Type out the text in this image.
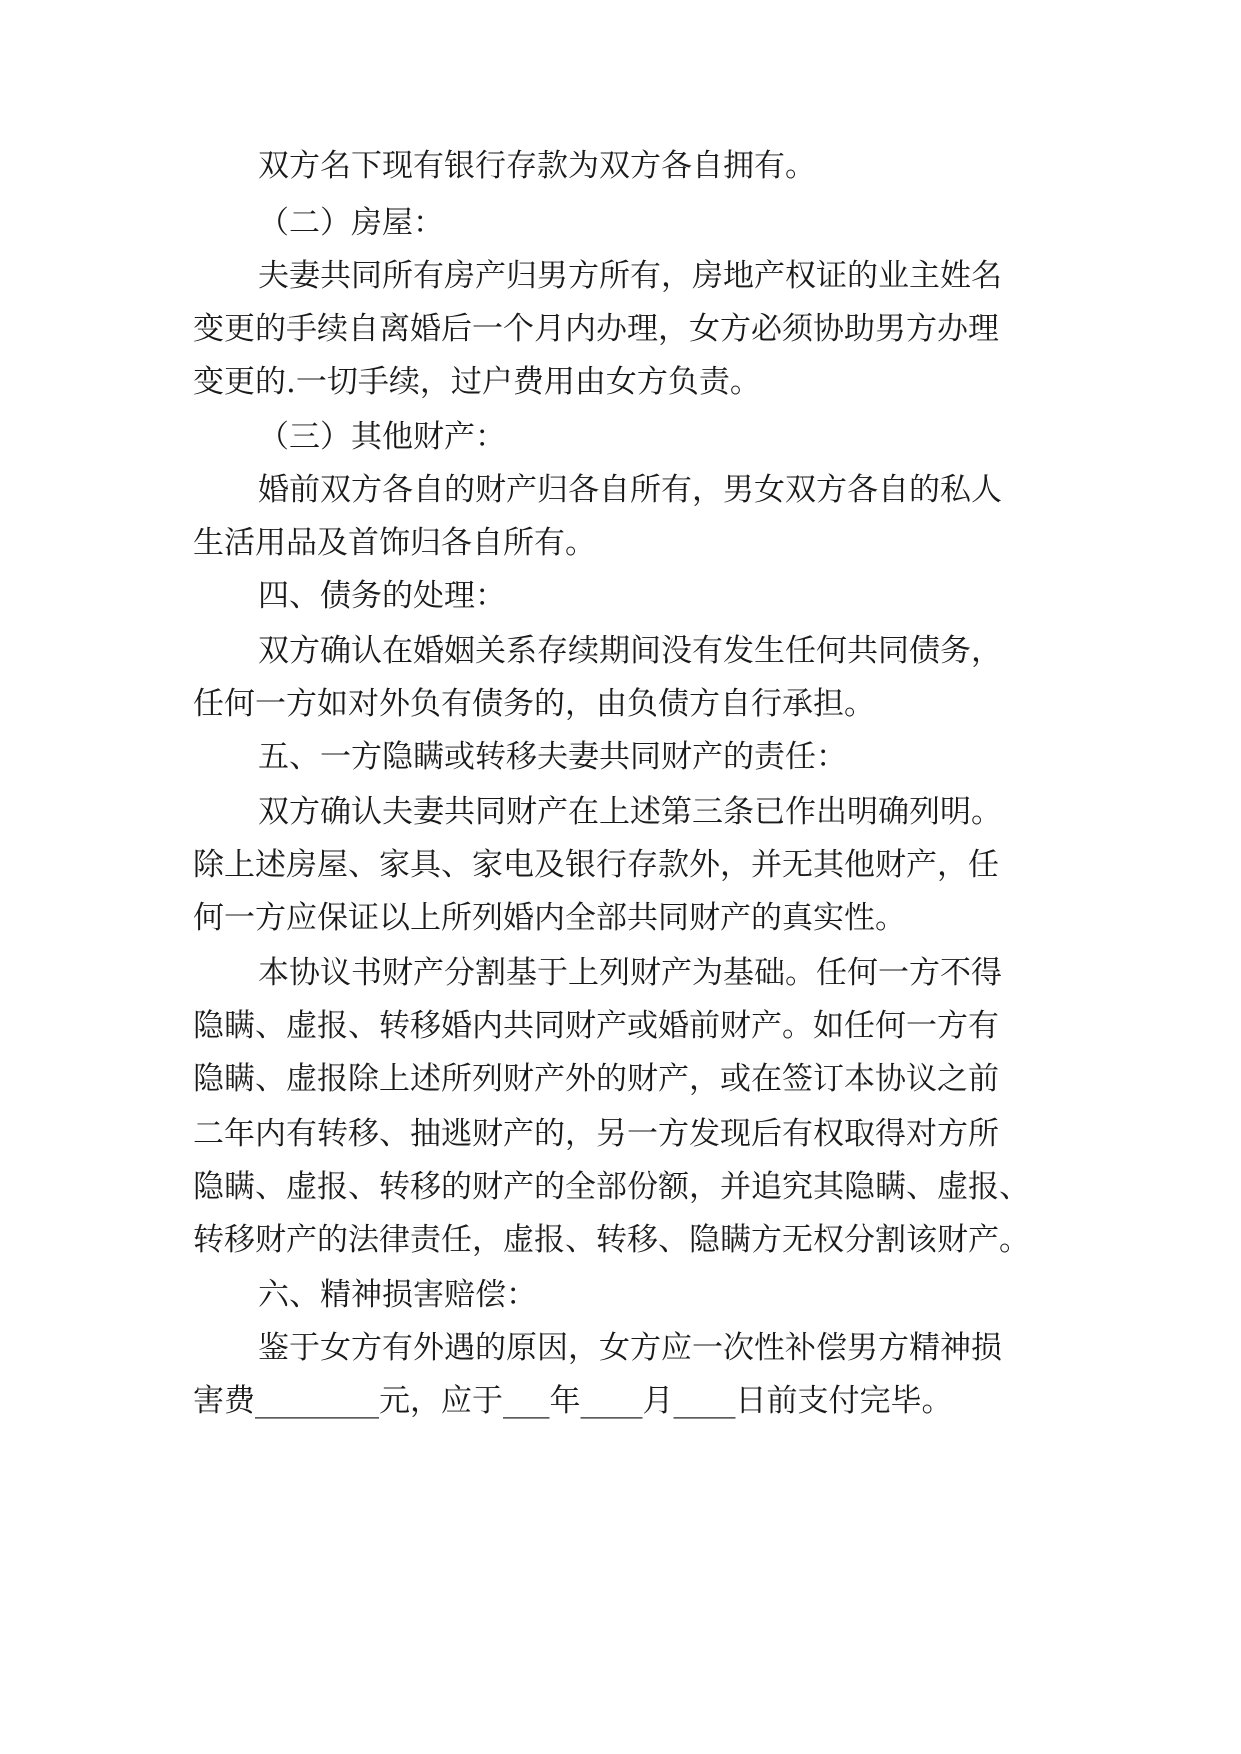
双方名下现有银行存款为双方各自拥有。
（二）房屋：
夫妻共同所有房产归男方所有，房地产权证的业主姓名
变更的手续自离婚后一个月内办理，女方必须协助男方办理
变更的.一切手续，过户费用由女方负责。
（三）其他财产：
婚前双方各自的财产归各自所有，男女双方各自的私人
生活用品及首饰归各自所有。
四、债务的处理：
双方确认在婚姻关系存续期间没有发生任何共同债务，
任何一方如对外负有债务的，由负债方自行承担。
五、一方隐瞒或转移夫妻共同财产的责任：
双方确认夫妻共同财产在上述第三条已作出明确列明。
除上述房屋、家具、家电及银行存款外，并无其他财产，任
何一方应保证以上所列婚内全部共同财产的真实性。
本协议书财产分割基于上列财产为基础。任何一方不得
隐瞒、虚报、转移婚内共同财产或婚前财产。如任何一方有
隐瞒、虚报除上述所列财产外的财产，或在签订本协议之前
二年内有转移、抽逃财产的，另一方发现后有权取得对方所
隐瞒、虚报、转移的财产的全部份额，并追究其隐瞒、虚报、
转移财产的法律责任，虚报、转移、隐瞒方无权分割该财产。
六、精神损害赔偿：
鉴于女方有外遇的原因，女方应一次性补偿男方精神损
害费________元，应于___年____月____日前支付完毕。
